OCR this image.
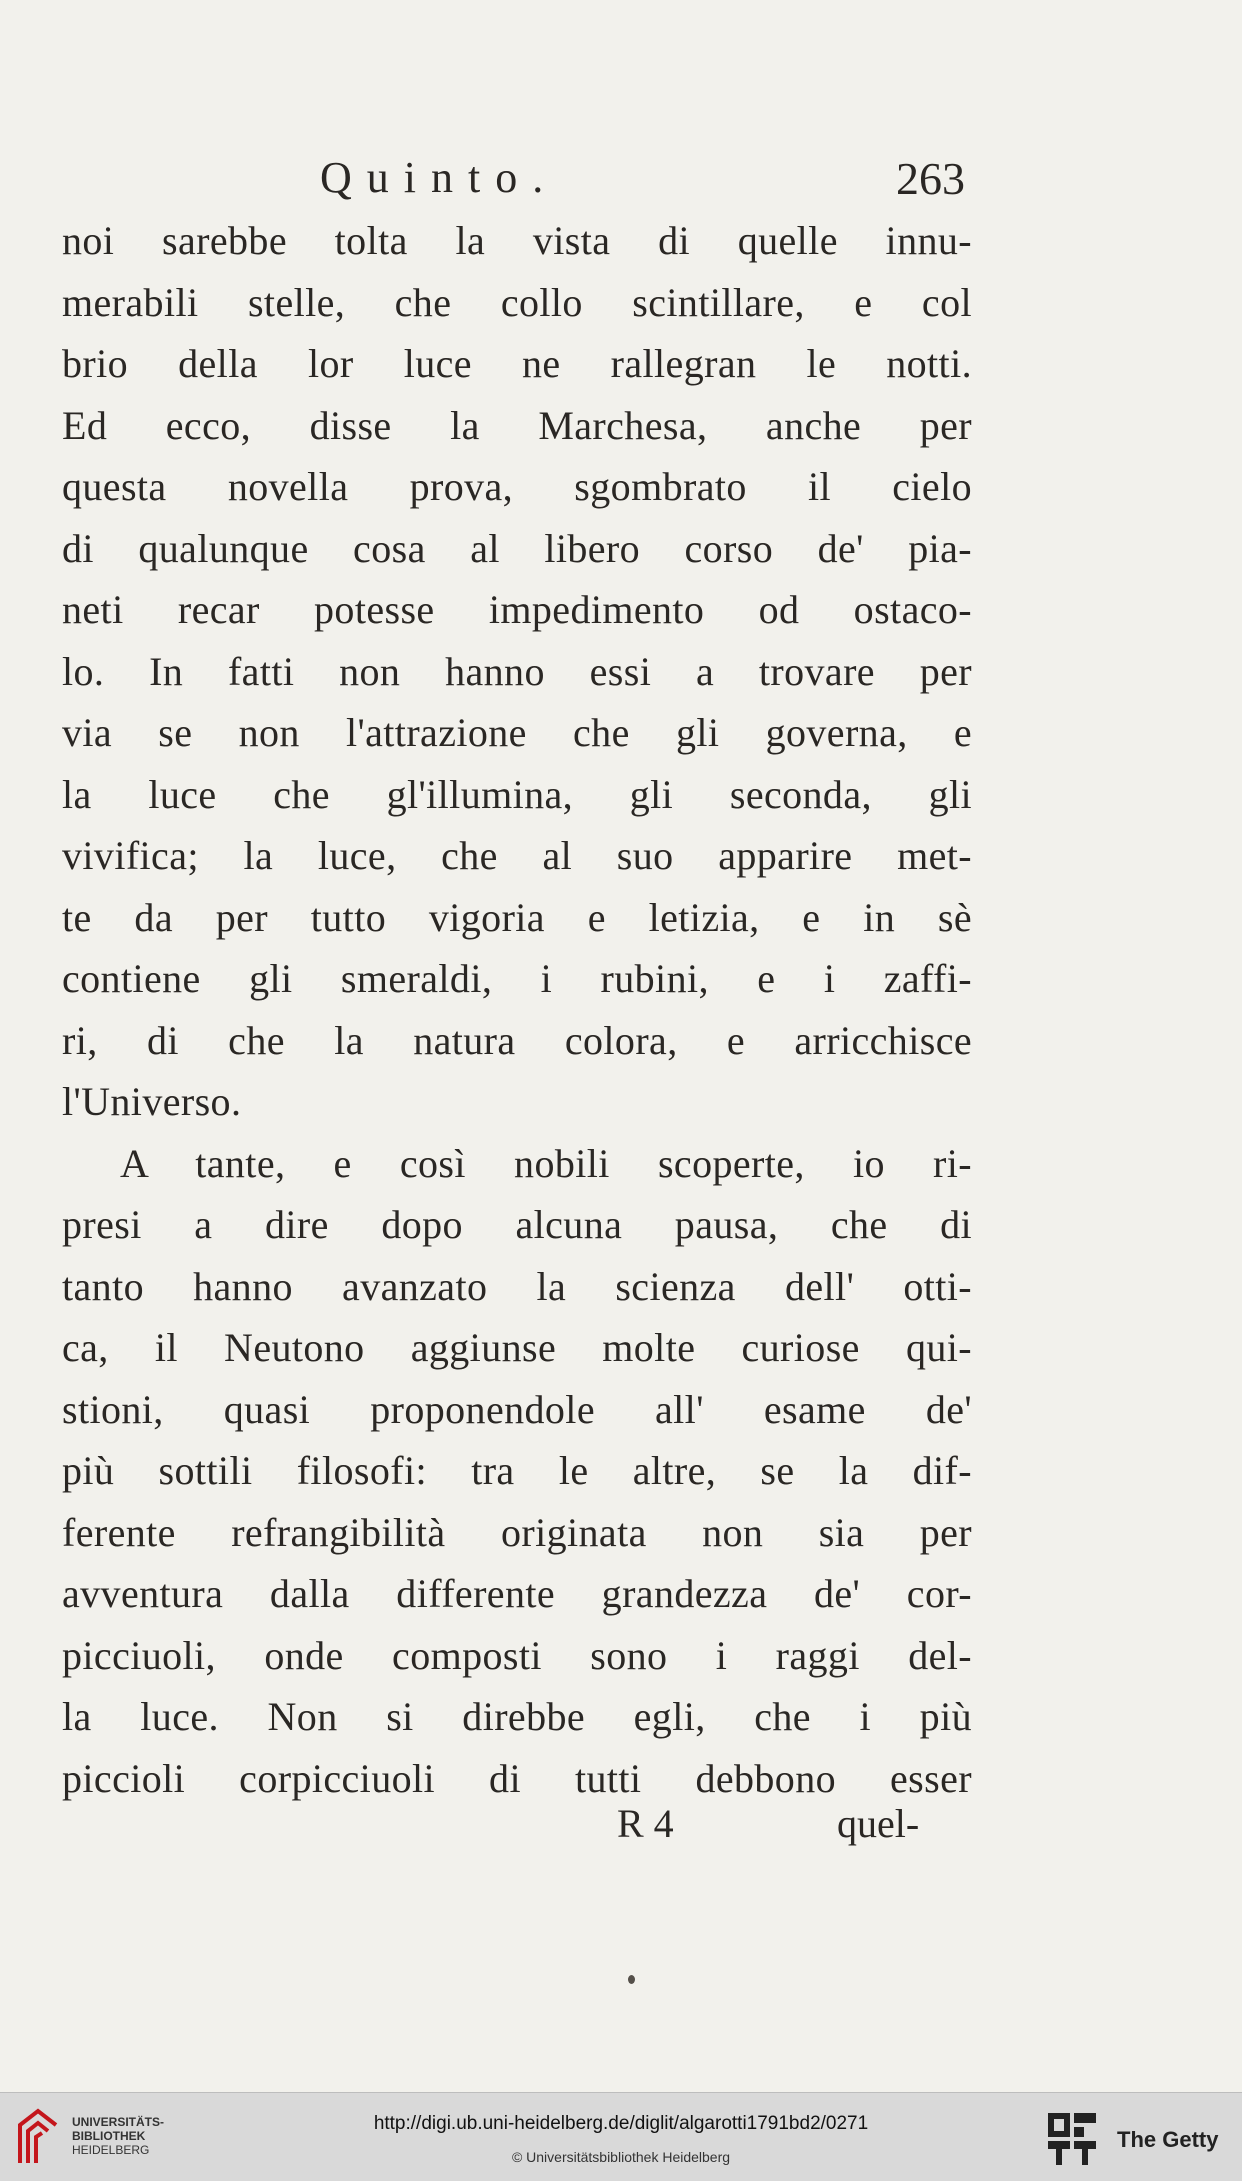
Quinto.	263
noi sarebbe tolta la vista di quelle innu-
merabili stelle, che collo scintillare, e col
brio della lor luce ne rallegran le notti.
Ed ecco, disse la Marchesa, anche per
questa novella prova, sgombrato il cielo
di qualunque cosa al libero corso de' pia-
neti recar potesse impedimento od ostaco-
lo. In fatti non hanno essi a trovare per
via se non l'attrazione che gli governa, e
la luce che gl'illumina, gli seconda, gli
vivifica; la luce, che al suo apparire met-
te da per tutto vigoria e letizia, e in sè
contiene gli smeraldi, i rubini, e i zaffi-
ri, di che la natura colora, e arricchisce
l'Universo.
A tante, e così nobili scoperte, io ri-
presi a dire dopo alcuna pausa, che di
tanto hanno avanzato la scienza dell' otti-
ca, il Neutono aggiunse molte curiose qui-
stioni, quasi proponendole all' esame de'
più sottili filosofi: tra le altre, se la dif-
ferente refrangibilità originata non sia per
avventura dalla differente grandezza de' cor-
picciuoli, onde composti sono i raggi del-
la luce. Non si direbbe egli, che i più
piccioli corpicciuoli di tutti debbono esser
R 4	quel-
UNIVERSITÄTS-
BIBLIOTHEK
HEIDELBERG
http://digi.ub.uni-heidelberg.de/diglit/algarotti1791bd2/0271
© Universitätsbibliothek Heidelberg
The Getty
